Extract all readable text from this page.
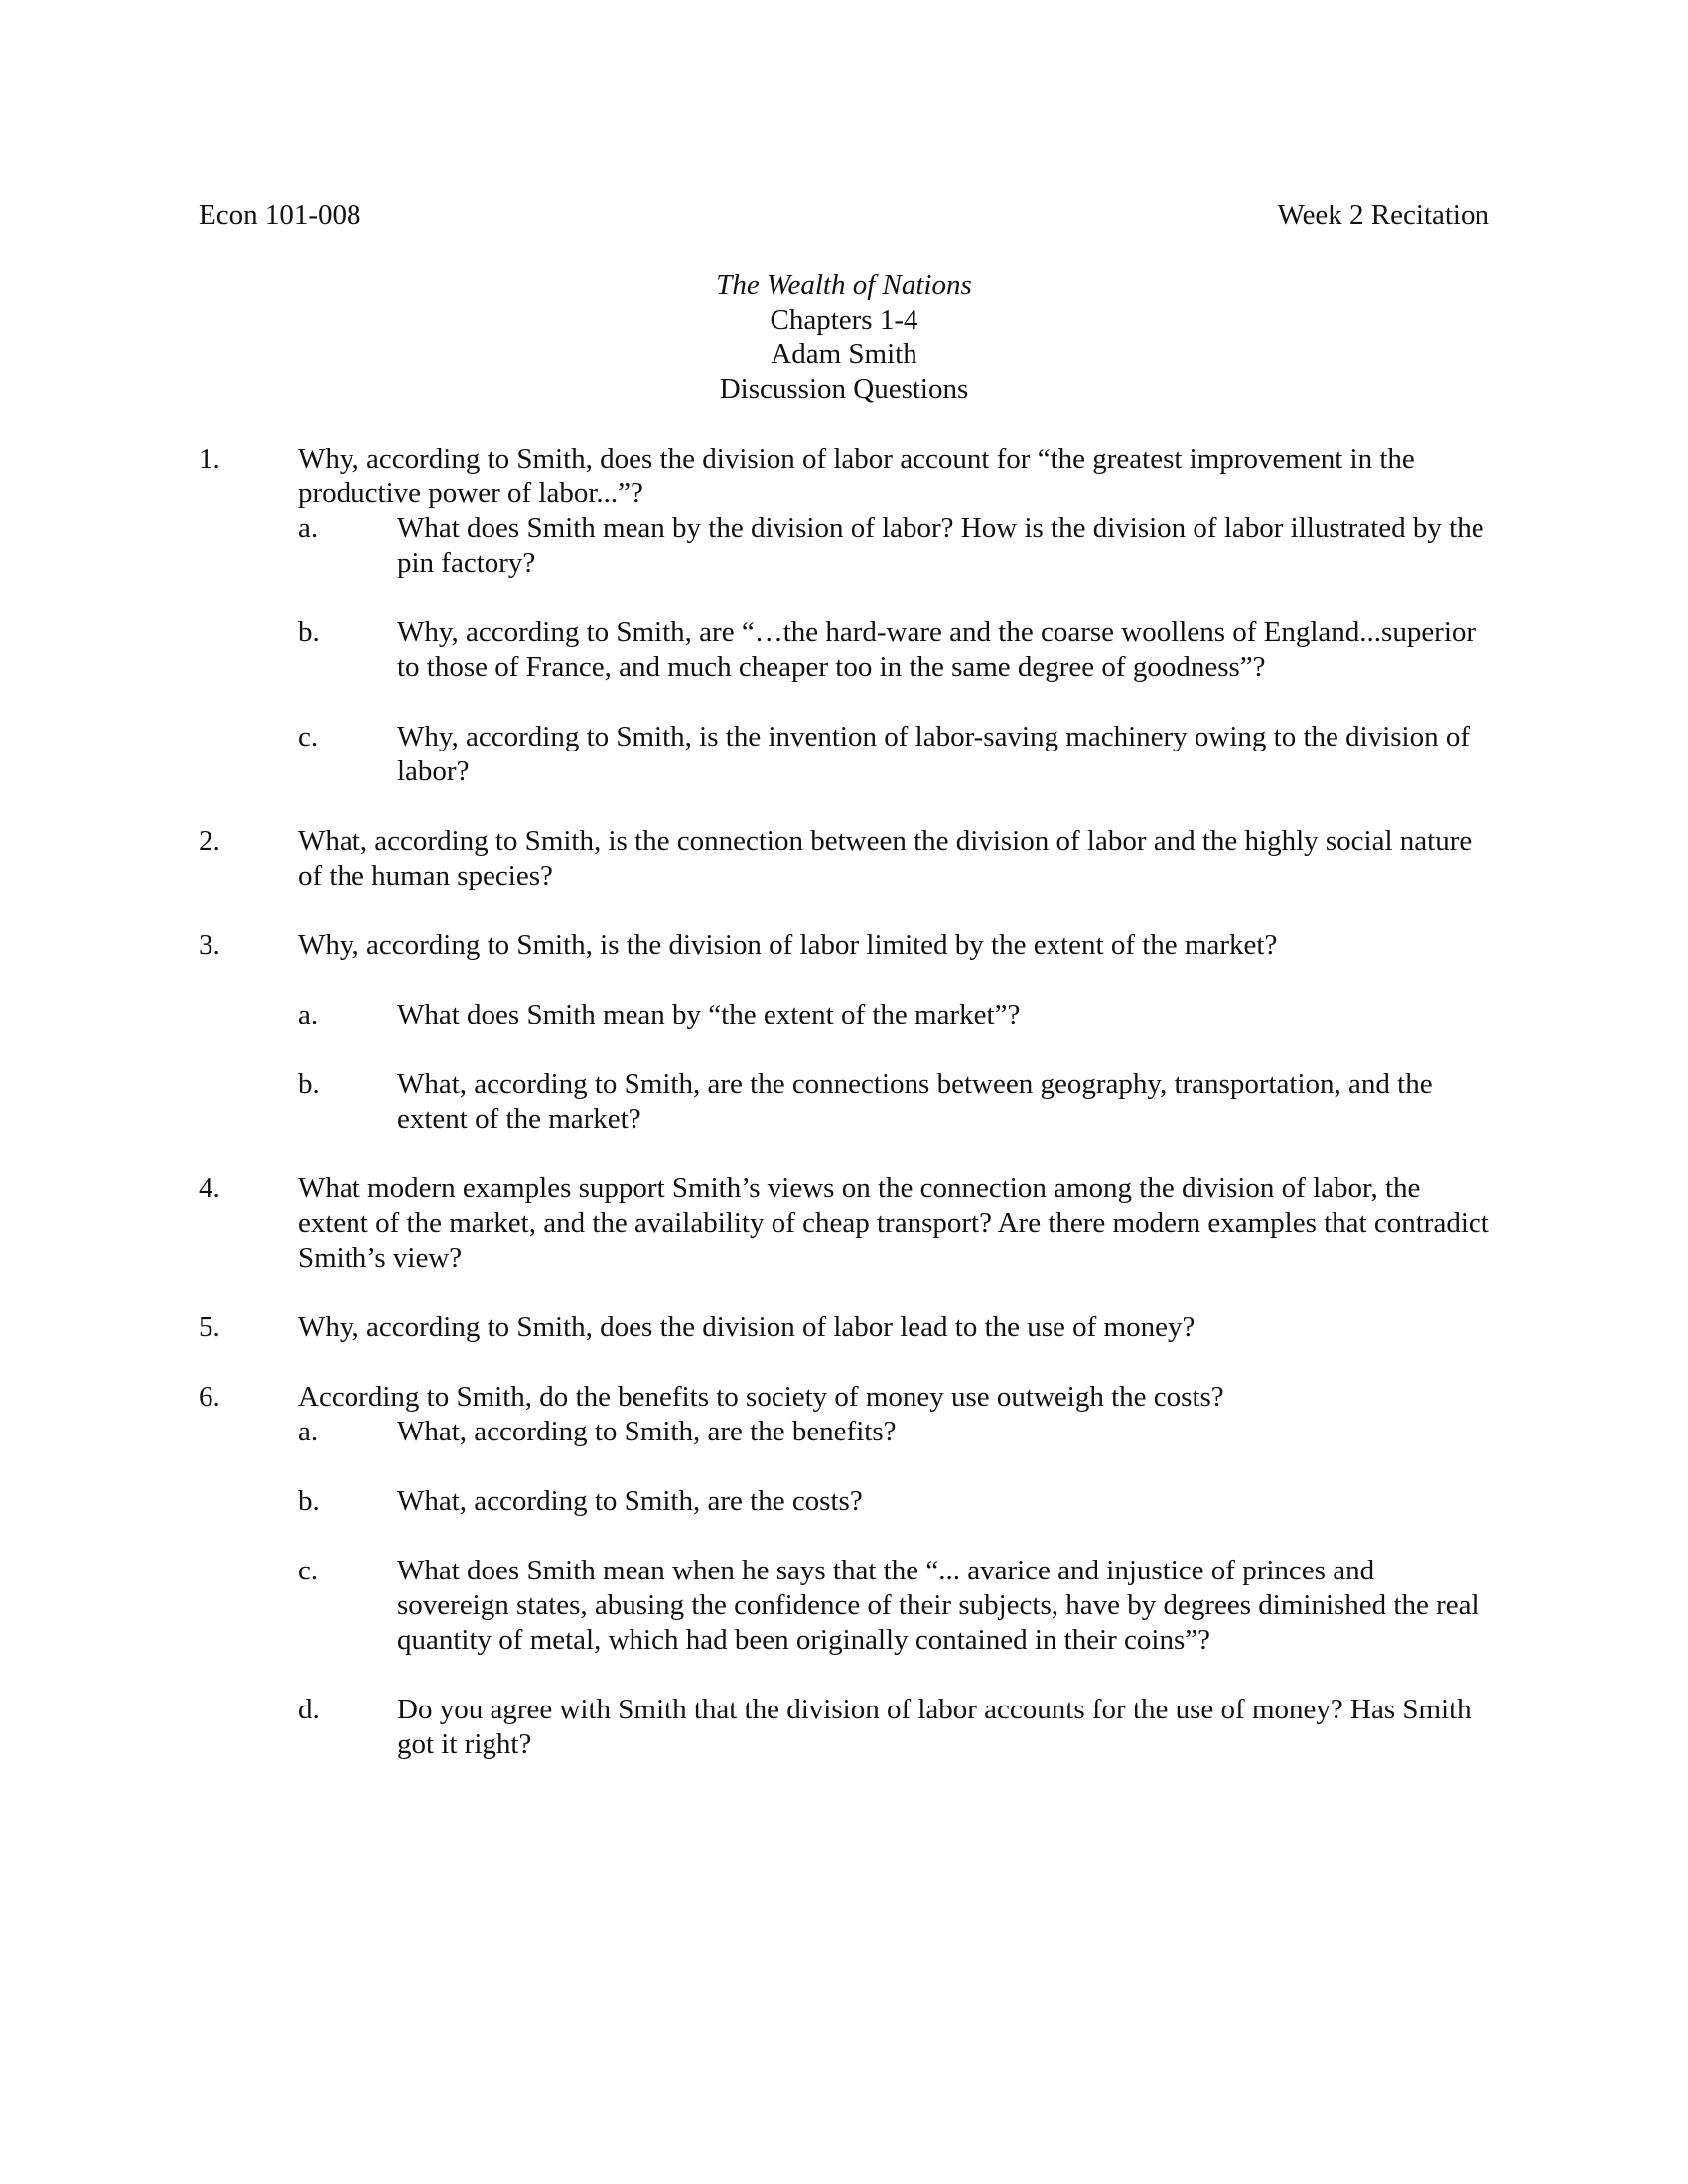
Econ 101-008	Week 2 Recitation
The Wealth of Nations
Chapters 1-4
Adam Smith
Discussion Questions
1.	Why, according to Smith, does the division of labor account for “the greatest improvement in the productive power of labor...”?
a.	What does Smith mean by the division of labor? How is the division of labor illustrated by the pin factory?
b.	Why, according to Smith, are “…the hard-ware and the coarse woollens of England...superior to those of France, and much cheaper too in the same degree of goodness”?
c.	Why, according to Smith, is the invention of labor-saving machinery owing to the division of labor?
2.	What, according to Smith, is the connection between the division of labor and the highly social nature of the human species?
3.	Why, according to Smith, is the division of labor limited by the extent of the market?
a.	What does Smith mean by “the extent of the market”?
b.	What, according to Smith, are the connections between geography, transportation, and the extent of the market?
4.	What modern examples support Smith’s views on the connection among the division of labor, the extent of the market, and the availability of cheap transport? Are there modern examples that contradict Smith’s view?
5.	Why, according to Smith, does the division of labor lead to the use of money?
6.	According to Smith, do the benefits to society of money use outweigh the costs?
a.	What, according to Smith, are the benefits?
b.	What, according to Smith, are the costs?
c.	What does Smith mean when he says that the “... avarice and injustice of princes and sovereign states, abusing the confidence of their subjects, have by degrees diminished the real quantity of metal, which had been originally contained in their coins”?
d.	Do you agree with Smith that the division of labor accounts for the use of money? Has Smith got it right?
